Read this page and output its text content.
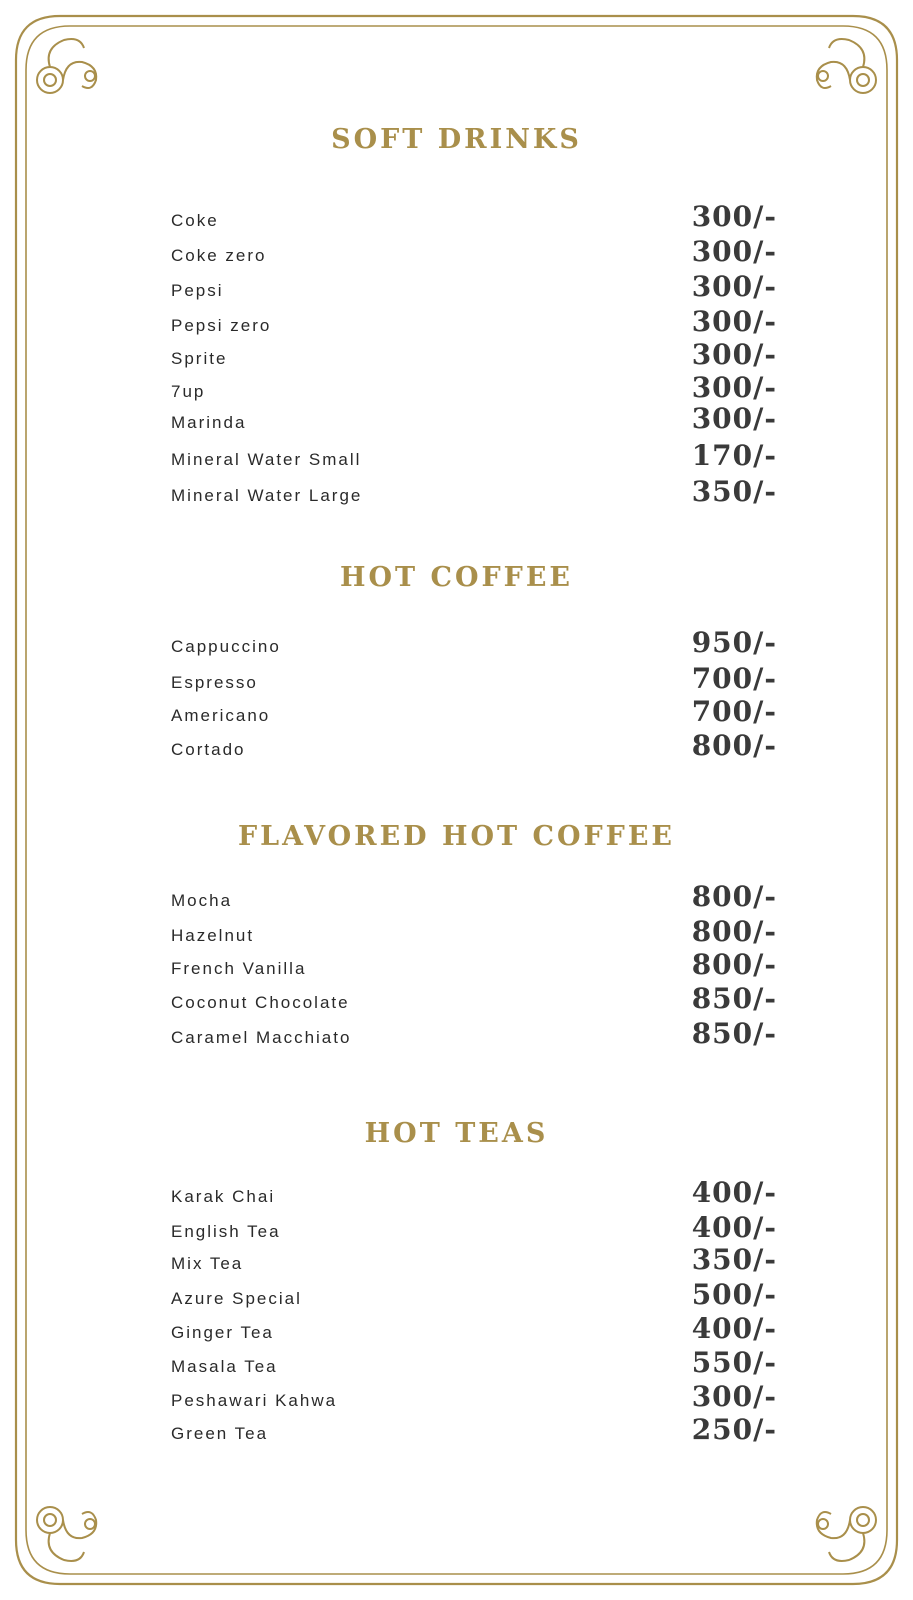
SOFT DRINKS
Coke	300/-
Coke zero	300/-
Pepsi	300/-
Pepsi zero	300/-
Sprite	300/-
7up	300/-
Marinda	300/-
Mineral Water Small	170/-
Mineral Water Large	350/-
HOT COFFEE
Cappuccino	950/-
Espresso	700/-
Americano	700/-
Cortado	800/-
FLAVORED HOT COFFEE
Mocha	800/-
Hazelnut	800/-
French Vanilla	800/-
Coconut Chocolate	850/-
Caramel Macchiato	850/-
HOT TEAS
Karak Chai	400/-
English Tea	400/-
Mix Tea	350/-
Azure Special	500/-
Ginger Tea	400/-
Masala Tea	550/-
Peshawari Kahwa	300/-
Green Tea	250/-
